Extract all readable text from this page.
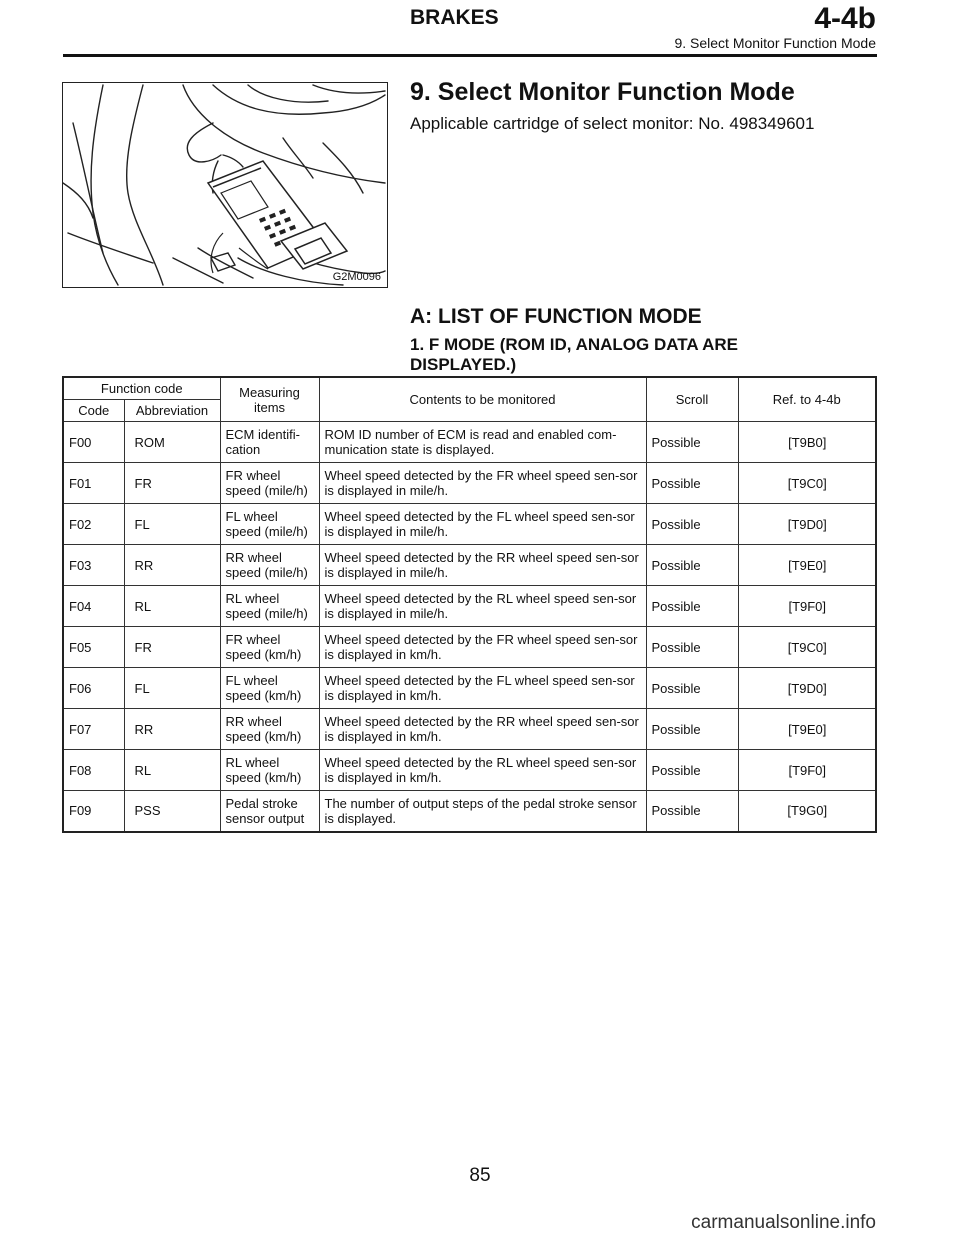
BRAKES	4-4b
9. Select Monitor Function Mode
G2M0096
9. Select Monitor Function Mode
Applicable cartridge of select monitor: No. 498349601
A: LIST OF FUNCTION MODE
1. F MODE (ROM ID, ANALOG DATA ARE DISPLAYED.)
Function code		Measuring items	Contents to be monitored	Scroll	Ref. to 4-4b
Code	Abbreviation				
F00	ROM	ECM identifi-cation	ROM ID number of ECM is read and enabled com-munication state is displayed.	Possible	[T9B0]
F01	FR	FR wheel speed (mile/h)	Wheel speed detected by the FR wheel speed sen-sor is displayed in mile/h.	Possible	[T9C0]
F02	FL	FL wheel speed (mile/h)	Wheel speed detected by the FL wheel speed sen-sor is displayed in mile/h.	Possible	[T9D0]
F03	RR	RR wheel speed (mile/h)	Wheel speed detected by the RR wheel speed sen-sor is displayed in mile/h.	Possible	[T9E0]
F04	RL	RL wheel speed (mile/h)	Wheel speed detected by the RL wheel speed sen-sor is displayed in mile/h.	Possible	[T9F0]
F05	FR	FR wheel speed (km/h)	Wheel speed detected by the FR wheel speed sen-sor is displayed in km/h.	Possible	[T9C0]
F06	FL	FL wheel speed (km/h)	Wheel speed detected by the FL wheel speed sen-sor is displayed in km/h.	Possible	[T9D0]
F07	RR	RR wheel speed (km/h)	Wheel speed detected by the RR wheel speed sen-sor is displayed in km/h.	Possible	[T9E0]
F08	RL	RL wheel speed (km/h)	Wheel speed detected by the RL wheel speed sen-sor is displayed in km/h.	Possible	[T9F0]
F09	PSS	Pedal stroke sensor output	The number of output steps of the pedal stroke sensor is displayed.	Possible	[T9G0]
85
carmanualsonline.info
